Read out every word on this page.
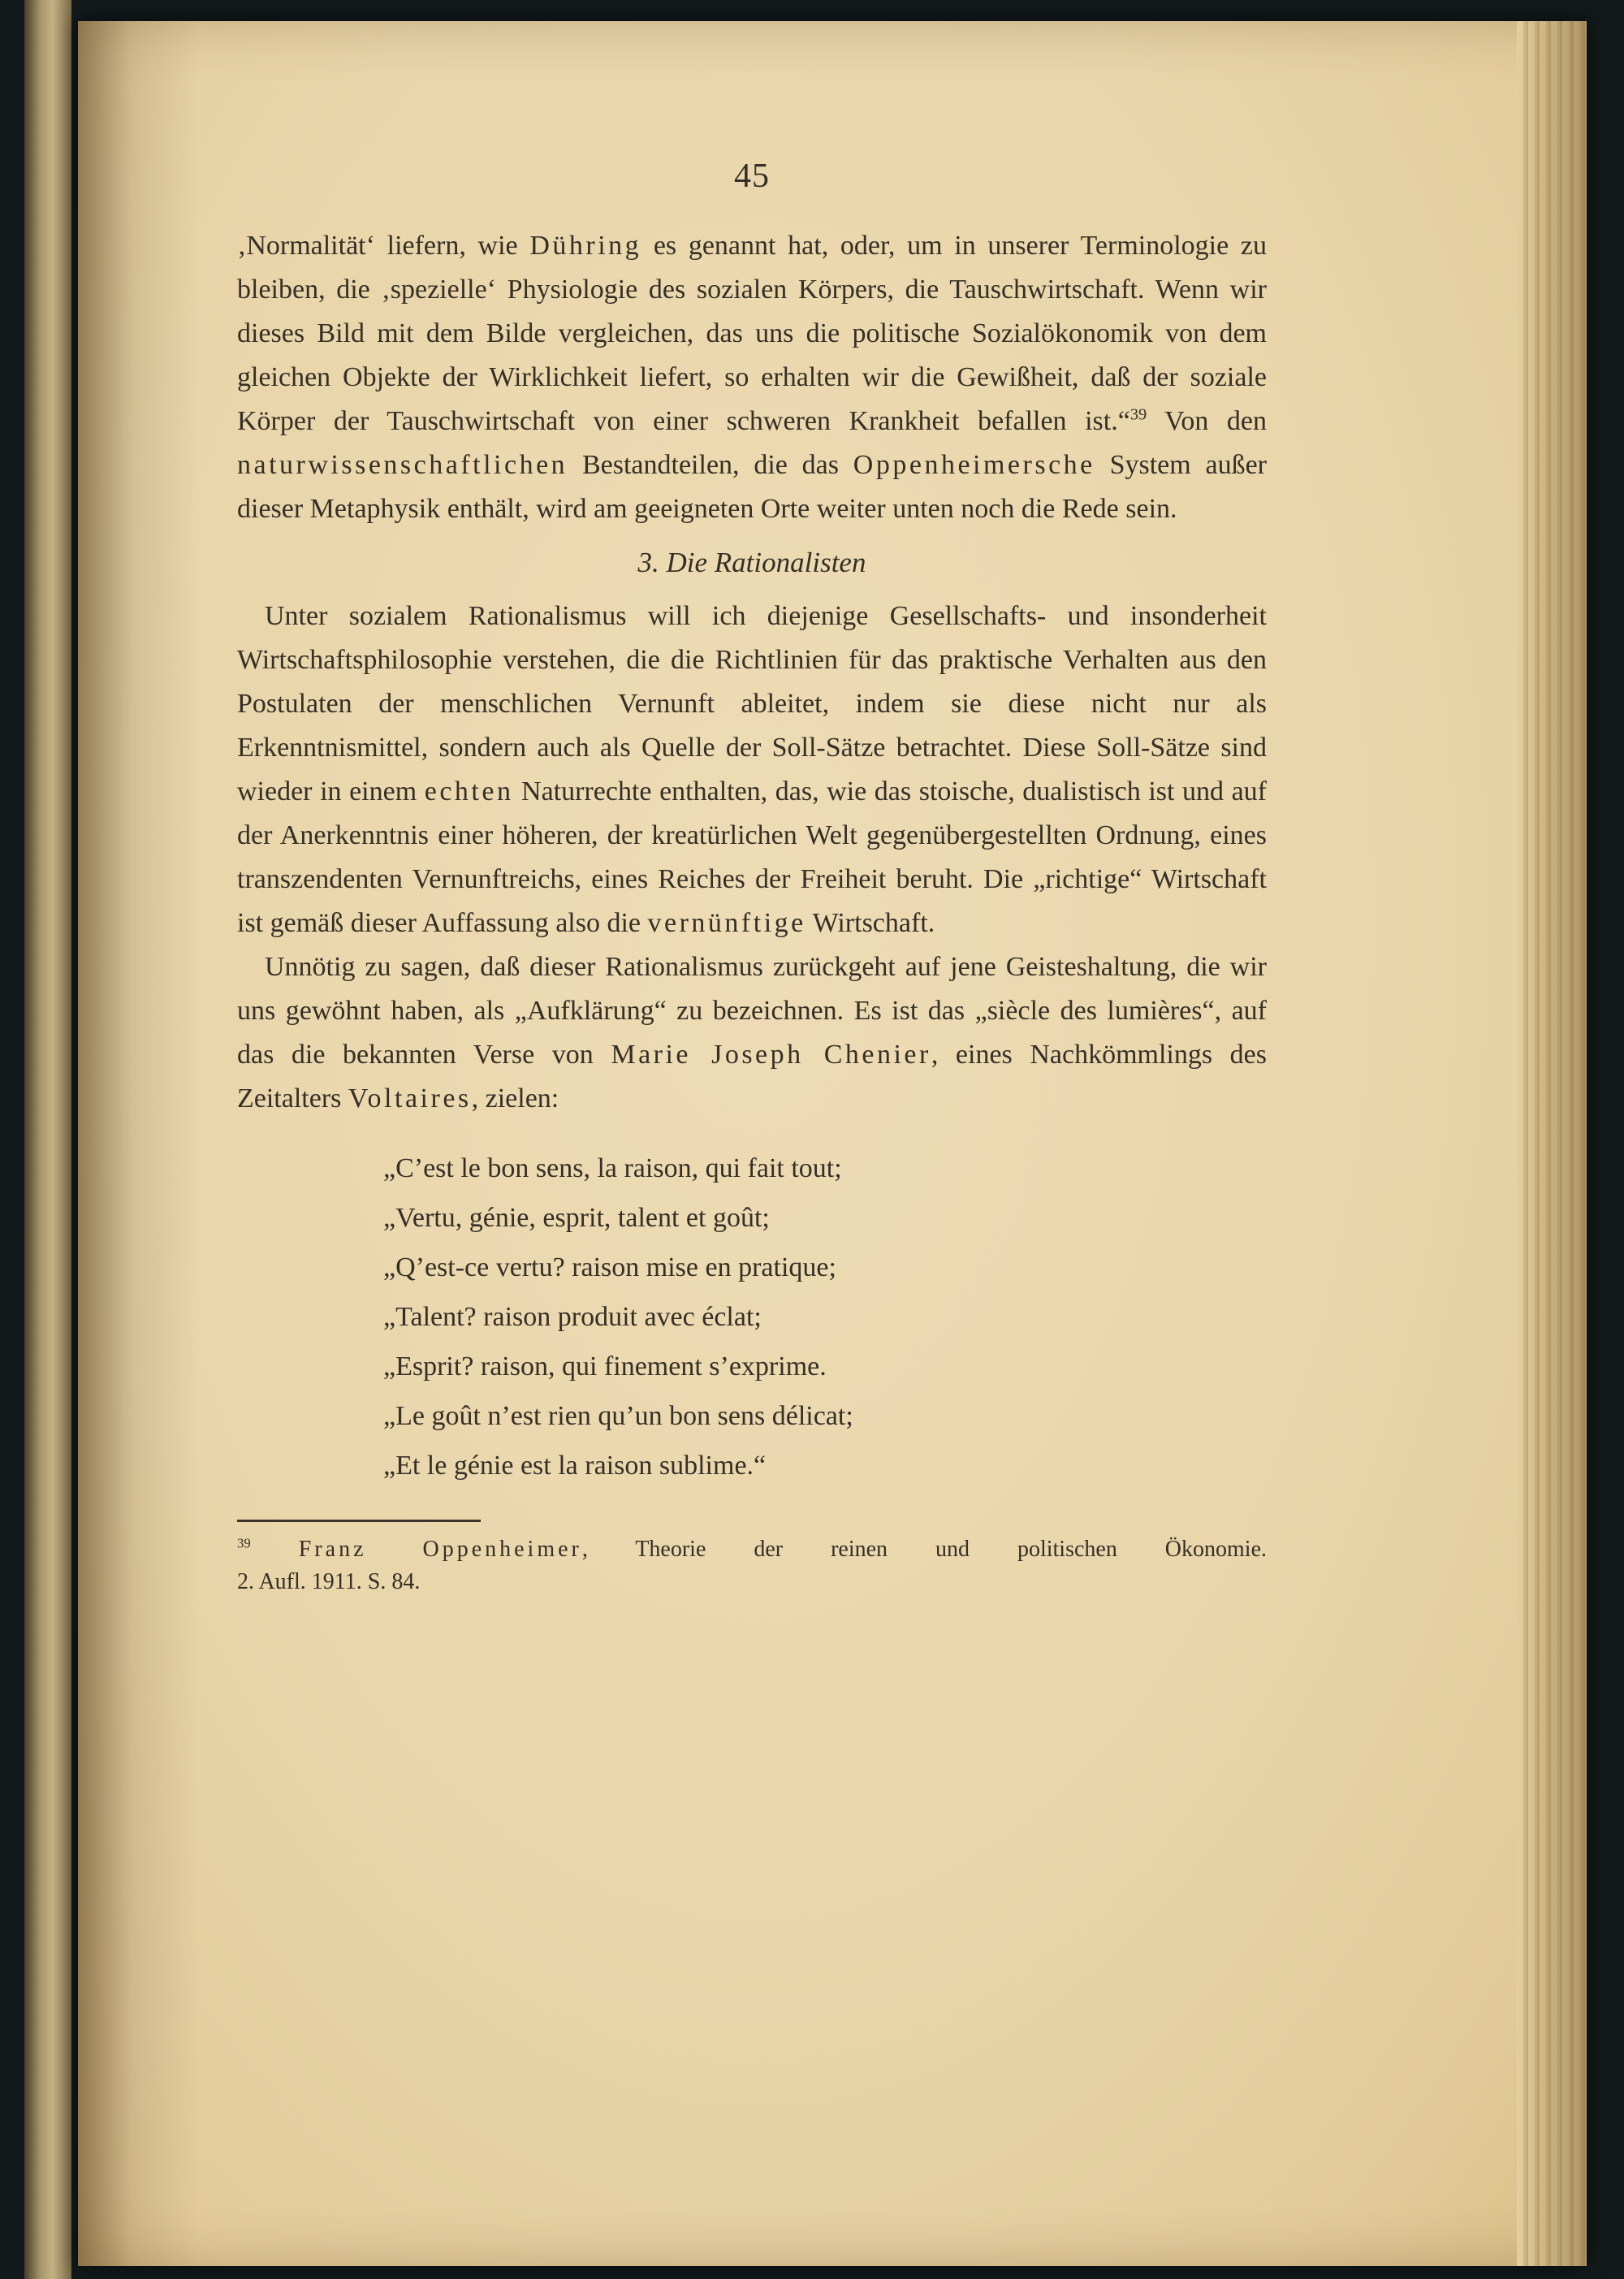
45

‚Normalität‘ liefern, wie Dühring es genannt hat, oder, um in unserer Terminologie zu bleiben, die ‚spezielle‘ Physiologie des sozialen Körpers, die Tauschwirtschaft. Wenn wir dieses Bild mit dem Bilde vergleichen, das uns die politische Sozialökonomik von dem gleichen Objekte der Wirklichkeit liefert, so erhalten wir die Gewißheit, daß der soziale Körper der Tauschwirtschaft von einer schweren Krankheit befallen ist.“$^{39}$ Von den naturwissenschaftlichen Bestandteilen, die das Oppenheimersche System außer dieser Metaphysik enthält, wird am geeigneten Orte weiter unten noch die Rede sein.

3. Die Rationalisten

Unter sozialem Rationalismus will ich diejenige Gesellschafts- und insonderheit Wirtschaftsphilosophie verstehen, die die Richtlinien für das praktische Verhalten aus den Postulaten der menschlichen Vernunft ableitet, indem sie diese nicht nur als Erkenntnismittel, sondern auch als Quelle der Soll-Sätze betrachtet. Diese Soll-Sätze sind wieder in einem echten Naturrechte enthalten, das, wie das stoische, dualistisch ist und auf der Anerkenntnis einer höheren, der kreatürlichen Welt gegenübergestellten Ordnung, eines transzendenten Vernunftreichs, eines Reiches der Freiheit beruht. Die „richtige“ Wirtschaft ist gemäß dieser Auffassung also die vernünftige Wirtschaft.

Unnötig zu sagen, daß dieser Rationalismus zurückgeht auf jene Geisteshaltung, die wir uns gewöhnt haben, als „Aufklärung“ zu bezeichnen. Es ist das „siècle des lumières“, auf das die bekannten Verse von Marie Joseph Chenier, eines Nachkömmlings des Zeitalters Voltaires, zielen:

„C’est le bon sens, la raison, qui fait tout;
„Vertu, génie, esprit, talent et goût;
„Q’est-ce vertu? raison mise en pratique;
„Talent? raison produit avec éclat;
„Esprit? raison, qui finement s’exprime.
„Le goût n’est rien qu’un bon sens délicat;
„Et le génie est la raison sublime.“
$^{39}$ Franz Oppenheimer, Theorie der reinen und politischen Ökonomie.
2. Aufl. 1911. S. 84.
